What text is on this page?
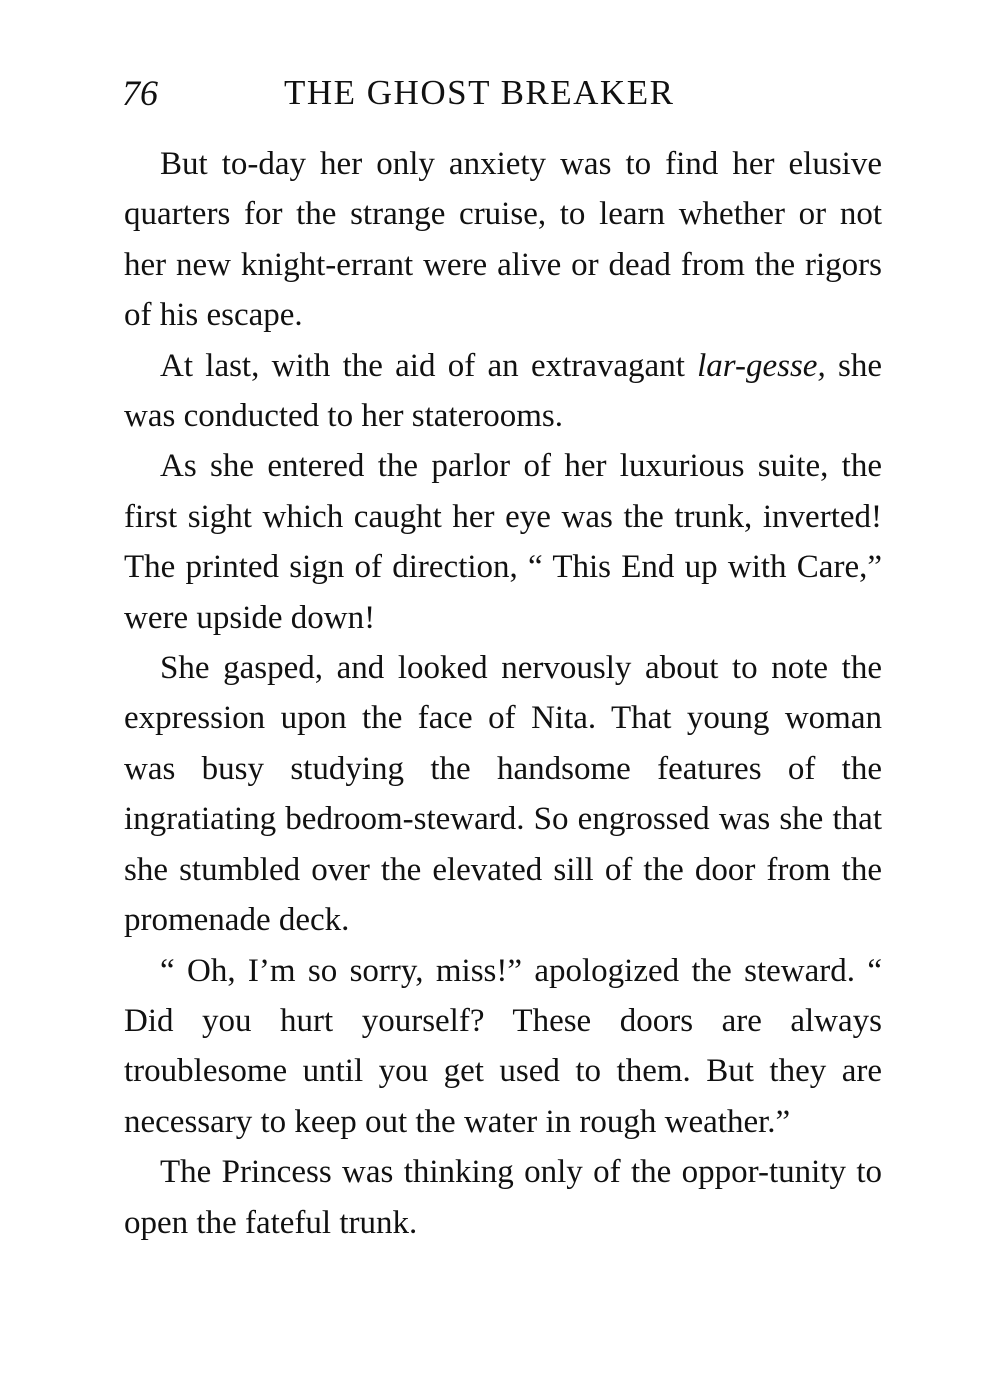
76	THE GHOST BREAKER

But to-day her only anxiety was to find her elusive quarters for the strange cruise, to learn whether or not her new knight-errant were alive or dead from the rigors of his escape.

At last, with the aid of an extravagant lar-gesse, she was conducted to her staterooms.

As she entered the parlor of her luxurious suite, the first sight which caught her eye was the trunk, inverted! The printed sign of direction, “ This End up with Care,” were upside down!

She gasped, and looked nervously about to note the expression upon the face of Nita. That young woman was busy studying the handsome features of the ingratiating bedroom-steward. So engrossed was she that she stumbled over the elevated sill of the door from the promenade deck.

“ Oh, I’m so sorry, miss!” apologized the steward. “ Did you hurt yourself? These doors are always troublesome until you get used to them. But they are necessary to keep out the water in rough weather.”

The Princess was thinking only of the oppor-tunity to open the fateful trunk.
